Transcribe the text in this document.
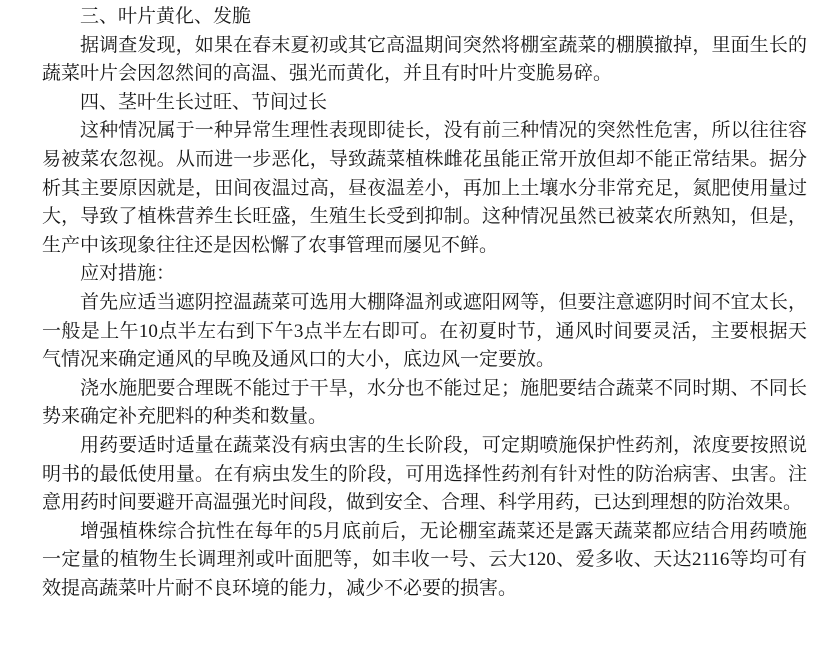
三、叶片黄化、发脆

据调查发现，如果在春末夏初或其它高温期间突然将棚室蔬菜的棚膜撤掉，里面生长的蔬菜叶片会因忽然间的高温、强光而黄化，并且有时叶片变脆易碎。

四、茎叶生长过旺、节间过长

这种情况属于一种异常生理性表现即徒长，没有前三种情况的突然性危害，所以往往容易被菜农忽视。从而进一步恶化，导致蔬菜植株雌花虽能正常开放但却不能正常结果。据分析其主要原因就是，田间夜温过高，昼夜温差小，再加上土壤水分非常充足，氮肥使用量过大，导致了植株营养生长旺盛，生殖生长受到抑制。这种情况虽然已被菜农所熟知，但是，生产中该现象往往还是因松懈了农事管理而屡见不鲜。

应对措施：

首先应适当遮阴控温蔬菜可选用大棚降温剂或遮阳网等，但要注意遮阴时间不宜太长，一般是上午10点半左右到下午3点半左右即可。在初夏时节，通风时间要灵活，主要根据天气情况来确定通风的早晚及通风口的大小，底边风一定要放。

浇水施肥要合理既不能过于干旱，水分也不能过足；施肥要结合蔬菜不同时期、不同长势来确定补充肥料的种类和数量。

用药要适时适量在蔬菜没有病虫害的生长阶段，可定期喷施保护性药剂，浓度要按照说明书的最低使用量。在有病虫发生的阶段，可用选择性药剂有针对性的防治病害、虫害。注意用药时间要避开高温强光时间段，做到安全、合理、科学用药，已达到理想的防治效果。

增强植株综合抗性在每年的5月底前后，无论棚室蔬菜还是露天蔬菜都应结合用药喷施一定量的植物生长调理剂或叶面肥等，如丰收一号、云大120、爱多收、天达2116等均可有效提高蔬菜叶片耐不良环境的能力，减少不必要的损害。
